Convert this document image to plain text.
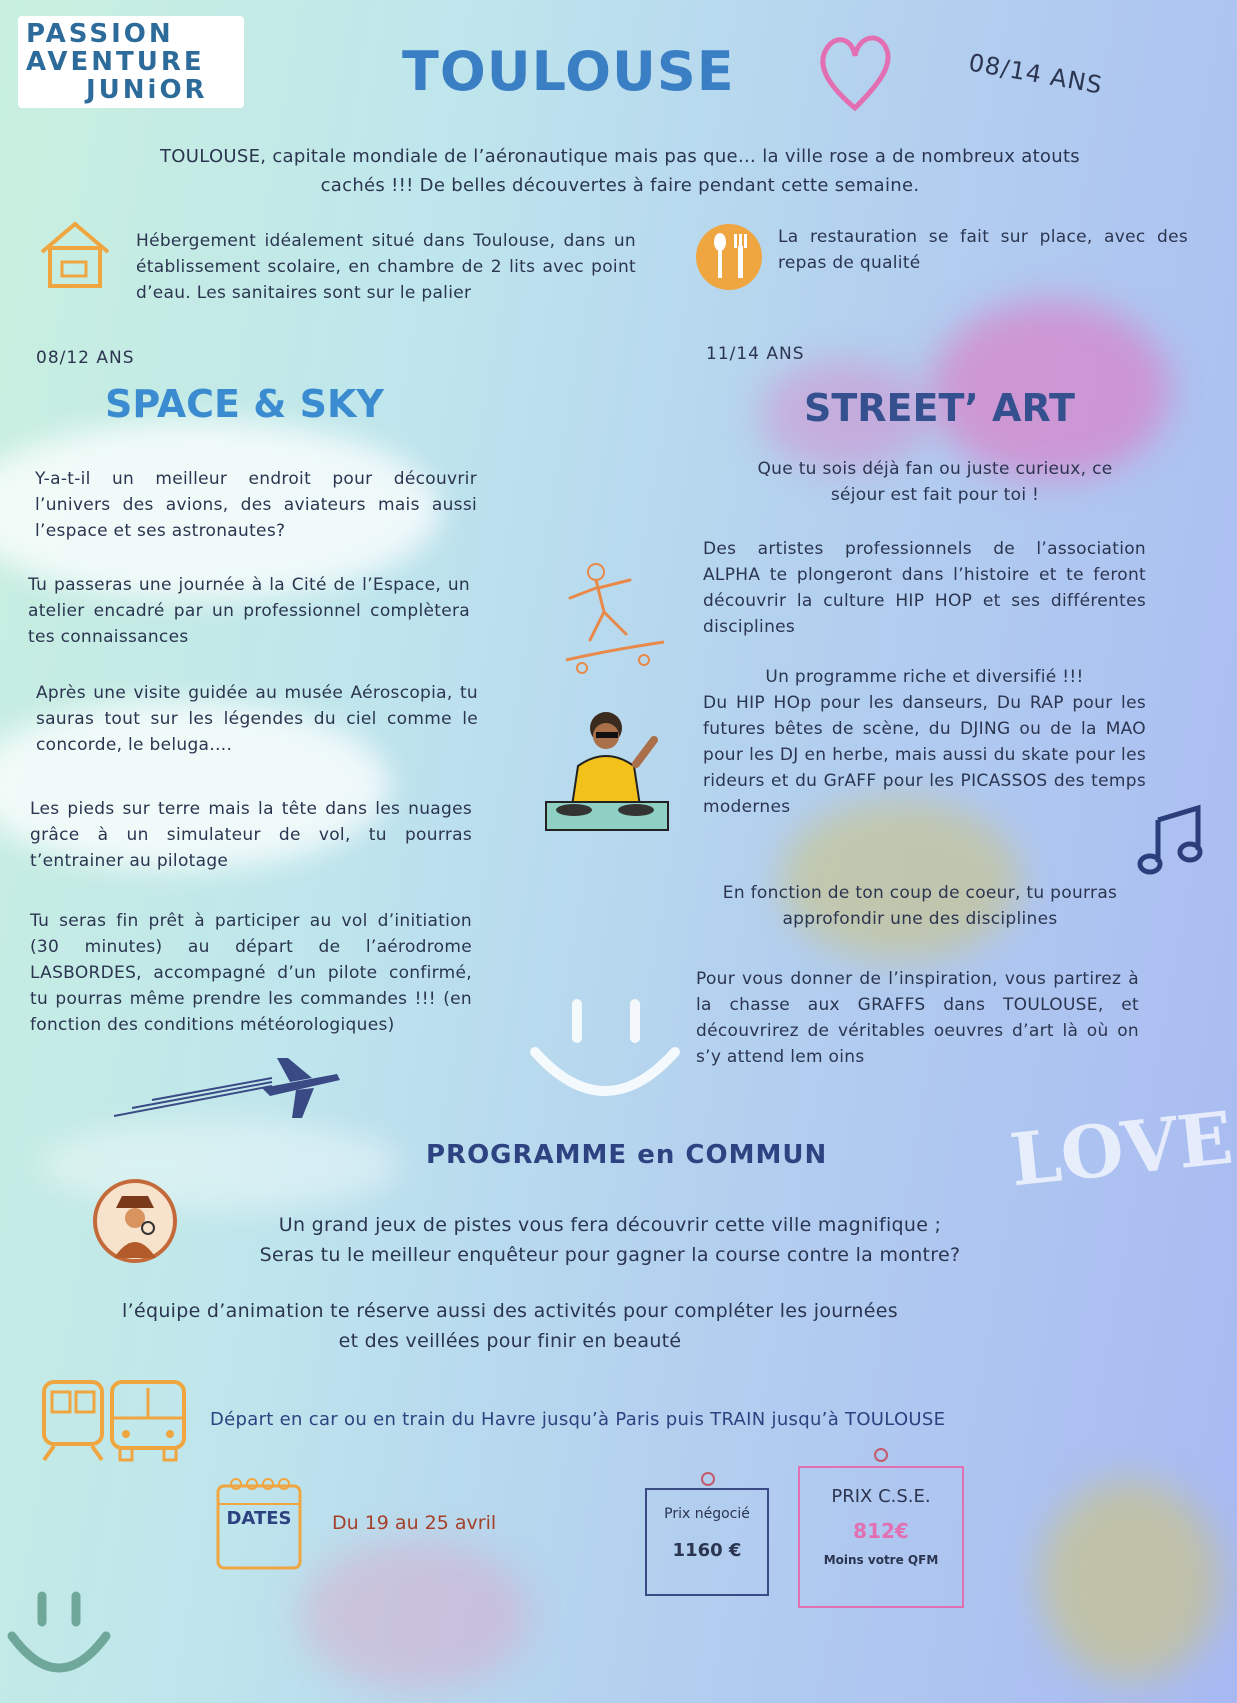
PASSION
AVENTURE
JUNiOR	TOULOUSE	08/14 ANS
TOULOUSE, capitale mondiale de l’aéronautique mais pas que… la ville rose a de nombreux atouts cachés !!! De belles découvertes à faire pendant cette semaine.
Hébergement idéalement situé dans Toulouse, dans un établissement scolaire, en chambre de 2 lits avec point d’eau. Les sanitaires sont sur le palier
La restauration se fait sur place, avec des repas de qualité
08/12 ANS
SPACE & SKY
Y-a-t-il un meilleur endroit pour découvrir l’univers des avions, des aviateurs mais aussi l’espace et ses astronautes?
Tu passeras une journée à la Cité de l’Espace, un atelier encadré par un professionnel complètera tes connaissances
Après une visite guidée au musée Aéroscopia, tu sauras tout sur les légendes du ciel comme le concorde, le beluga….
Les pieds sur terre mais la tête dans les nuages grâce à un simulateur de vol, tu pourras t’entrainer au pilotage
Tu seras fin prêt à participer au vol d’initiation (30 minutes) au départ de l’aérodrome LASBORDES, accompagné d’un pilote confirmé, tu pourras même prendre les commandes !!! (en fonction des conditions météorologiques)
11/14 ANS
STREET’ ART
Que tu sois déjà fan ou juste curieux, ce séjour est fait pour toi !
Des artistes professionnels de l’association ALPHA te plongeront dans l’histoire et te feront découvrir la culture HIP HOP et ses différentes disciplines
Un programme riche et diversifié !!!
Du HIP HOp pour les danseurs, Du RAP pour les futures bêtes de scène, du DJING ou de la MAO pour les DJ en herbe, mais aussi du skate pour les rideurs et du GrAFF pour les PICASSOS des temps modernes
En fonction de ton coup de coeur, tu pourras approfondir une des disciplines
Pour vous donner de l’inspiration, vous partirez à la chasse aux GRAFFS dans TOULOUSE, et découvrirez de véritables oeuvres d’art là où on s’y attend lem oins
LOVE
PROGRAMME en COMMUN
Un grand jeux de pistes vous fera découvrir cette ville magnifique ;
Seras tu le meilleur enquêteur pour gagner la course contre la montre?
l’équipe d’animation te réserve aussi des activités pour compléter les journées
et des veillées pour finir en beauté
Départ en car ou en train du Havre jusqu’à Paris puis TRAIN jusqu’à TOULOUSE
DATES Du 19 au 25 avril	Prix négocié
1160 €
PRIX C.S.E.
812€
Moins votre QFM
